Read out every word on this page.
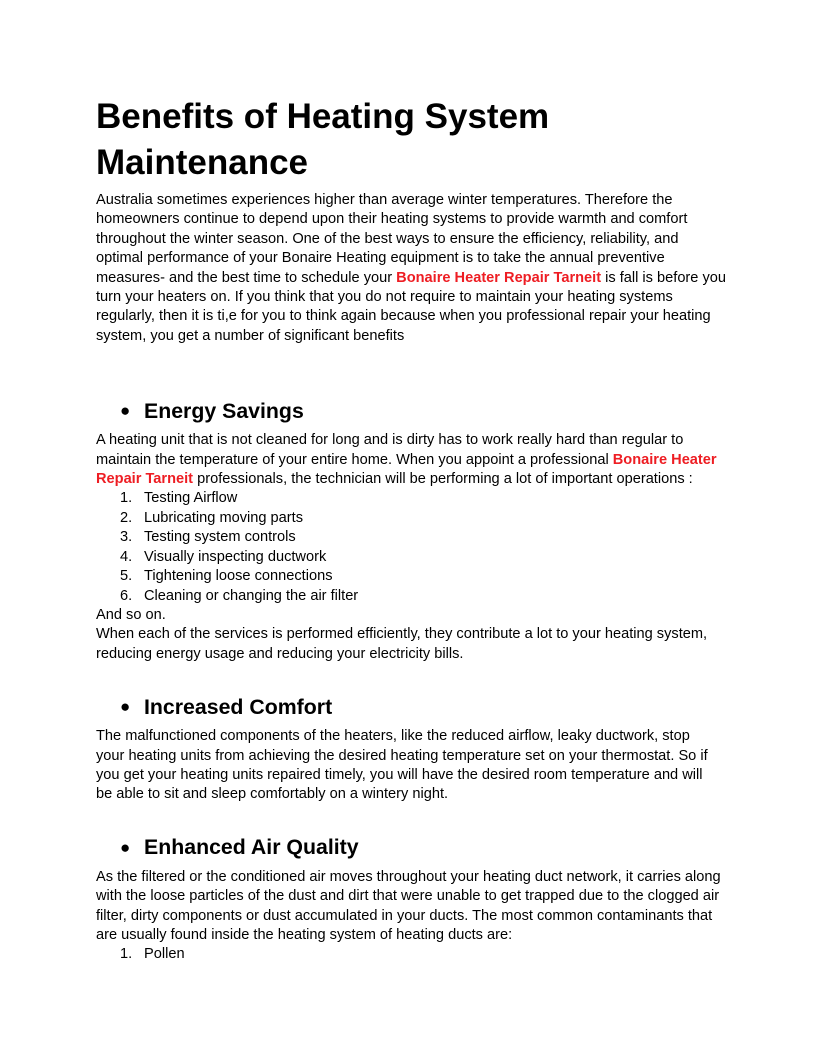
Benefits of Heating System
Maintenance

Australia sometimes experiences higher than average winter temperatures. Therefore the homeowners continue to depend upon their heating systems to provide warmth and comfort throughout the winter season. One of the best ways to ensure the efficiency, reliability, and optimal performance of your Bonaire Heating equipment is to take the annual preventive measures- and the best time to schedule your Bonaire Heater Repair Tarneit is fall is before you turn your heaters on. If you think that you do not require to maintain your heating systems regularly, then it is ti,e for you to think again because when you professional repair your heating system, you get a number of significant benefits

● Energy Savings

A heating unit that is not cleaned for long and is dirty has to work really hard than regular to maintain the temperature of your entire home. When you appoint a professional Bonaire Heater Repair Tarneit professionals, the technician will be performing a lot of important operations :

1. Testing Airflow
2. Lubricating moving parts
3. Testing system controls
4. Visually inspecting ductwork
5. Tightening loose connections
6. Cleaning or changing the air filter

And so on.

When each of the services is performed efficiently, they contribute a lot to your heating system, reducing energy usage and reducing your electricity bills.

● Increased Comfort

The malfunctioned components of the heaters, like the reduced airflow, leaky ductwork, stop your heating units from achieving the desired heating temperature set on your thermostat. So if you get your heating units repaired timely, you will have the desired room temperature and will be able to sit and sleep comfortably on a wintery night.

● Enhanced Air Quality

As the filtered or the conditioned air moves throughout your heating duct network, it carries along with the loose particles of the dust and dirt that were unable to get trapped due to the clogged air filter, dirty components or dust accumulated in your ducts. The most common contaminants that are usually found inside the heating system of heating ducts are:

1. Pollen
